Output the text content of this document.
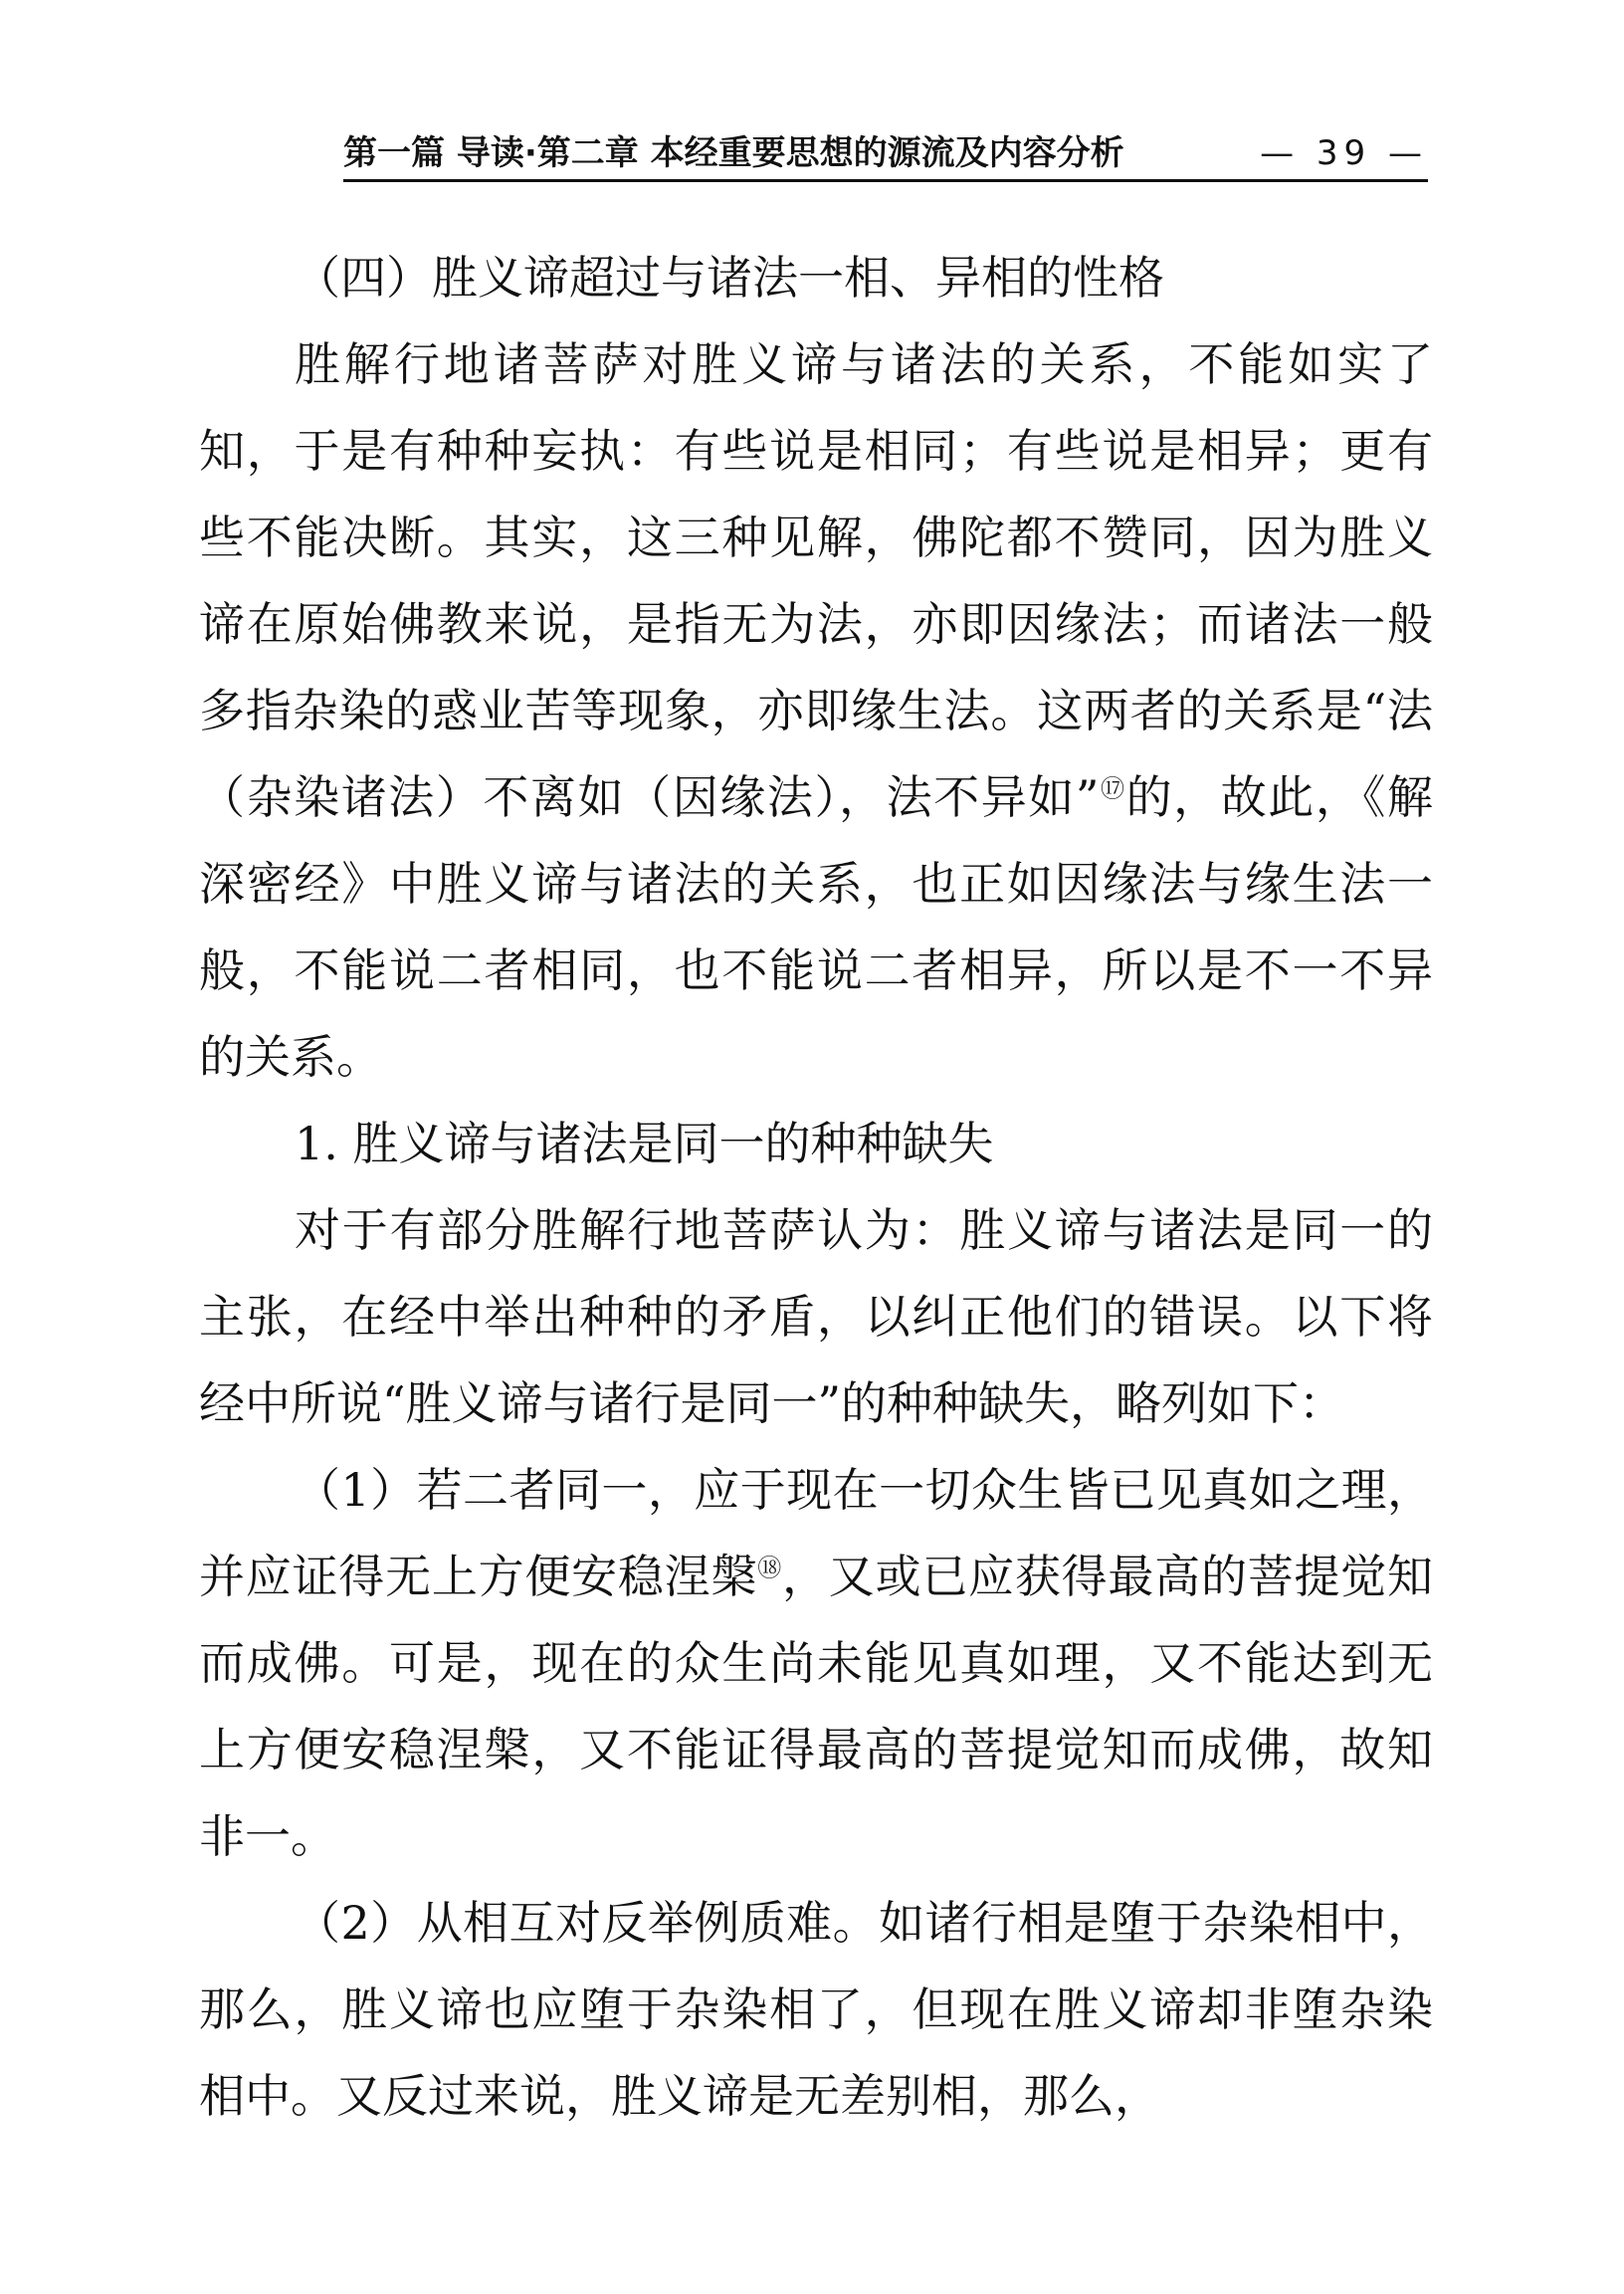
第一篇 导读·第二章 本经重要思想的源流及内容分析	— 39 —

（四）胜义谛超过与诸法一相、异相的性格

胜解行地诸菩萨对胜义谛与诸法的关系，不能如实了知，于是有种种妄执：有些说是相同；有些说是相异；更有些不能决断。其实，这三种见解，佛陀都不赞同，因为胜义谛在原始佛教来说，是指无为法，亦即因缘法；而诸法一般多指杂染的惑业苦等现象，亦即缘生法。这两者的关系是“法（杂染诸法）不离如（因缘法），法不异如”⑰的，故此，《解深密经》中胜义谛与诸法的关系，也正如因缘法与缘生法一般，不能说二者相同，也不能说二者相异，所以是不一不异的关系。

1. 胜义谛与诸法是同一的种种缺失

对于有部分胜解行地菩萨认为：胜义谛与诸法是同一的主张，在经中举出种种的矛盾，以纠正他们的错误。以下将经中所说“胜义谛与诸行是同一”的种种缺失，略列如下：

（1）若二者同一，应于现在一切众生皆已见真如之理，并应证得无上方便安稳涅槃⑱，又或已应获得最高的菩提觉知而成佛。可是，现在的众生尚未能见真如理，又不能达到无上方便安稳涅槃，又不能证得最高的菩提觉知而成佛，故知非一。

（2）从相互对反举例质难。如诸行相是堕于杂染相中，那么，胜义谛也应堕于杂染相了，但现在胜义谛却非堕杂染相中。又反过来说，胜义谛是无差别相，那么，
